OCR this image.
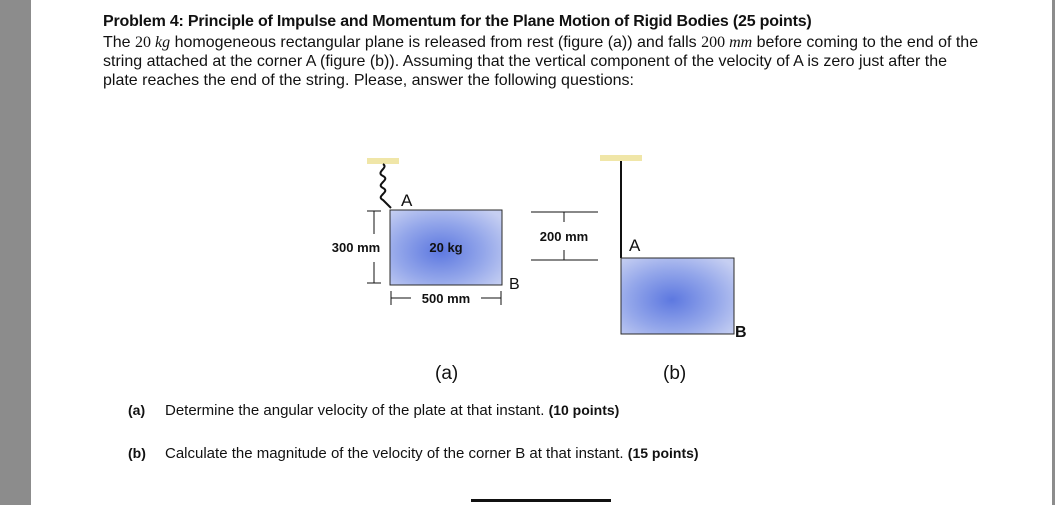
Problem 4: Principle of Impulse and Momentum for the Plane Motion of Rigid Bodies (25 points)
The 20 kg homogeneous rectangular plane is released from rest (figure (a)) and falls 200 mm before coming to the end of the string attached at the corner A (figure (b)). Assuming that the vertical component of the velocity of A is zero just after the plate reaches the end of the string. Please, answer the following questions:
A
20 kg
300 mm
500 mm
B
200 mm A
B
(a)	(b)
(a) Determine the angular velocity of the plate at that instant. (10 points)
(b) Calculate the magnitude of the velocity of the corner B at that instant. (15 points)
